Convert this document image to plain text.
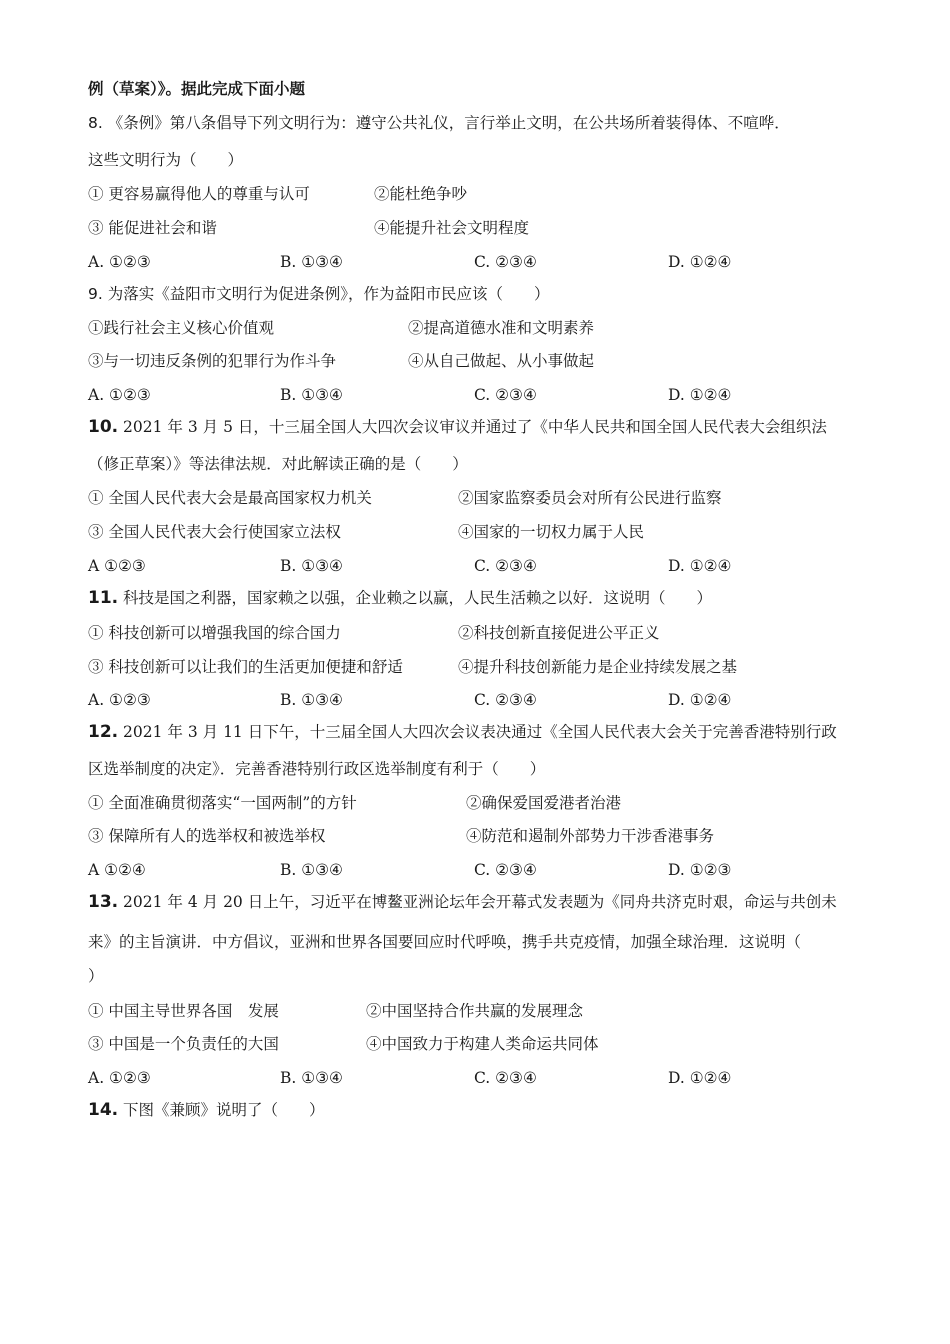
例（草案）》。据此完成下面小题
8. 《条例》第八条倡导下列文明行为：遵守公共礼仪，言行举止文明，在公共场所着装得体、不喧哗．
这些文明行为（　　）
① 更容易赢得他人的尊重与认可	②能杜绝争吵
③ 能促进社会和谐	④能提升社会文明程度
A. ①②③	B. ①③④	C. ②③④	D. ①②④
9. 为落实《益阳市文明行为促进条例》，作为益阳市民应该（　　）
①践行社会主义核心价值观	②提高道德水准和文明素养
③与一切违反条例的犯罪行为作斗争	④从自己做起、从小事做起
A. ①②③	B. ①③④	C. ②③④	D. ①②④
10. 2021 年 3 月 5 日，十三届全国人大四次会议审议并通过了《中华人民共和国全国人民代表大会组织法
（修正草案）》等法律法规．对此解读正确的是（　　）
① 全国人民代表大会是最高国家权力机关	②国家监察委员会对所有公民进行监察
③ 全国人民代表大会行使国家立法权	④国家的一切权力属于人民
A ①②③	B. ①③④	C. ②③④	D. ①②④
11. 科技是国之利器，国家赖之以强，企业赖之以赢，人民生活赖之以好．这说明（　　）
① 科技创新可以增强我国的综合国力	②科技创新直接促进公平正义
③ 科技创新可以让我们的生活更加便捷和舒适	④提升科技创新能力是企业持续发展之基
A. ①②③	B. ①③④	C. ②③④	D. ①②④
12. 2021 年 3 月 11 日下午，十三届全国人大四次会议表决通过《全国人民代表大会关于完善香港特别行政
区选举制度的决定》．完善香港特别行政区选举制度有利于（　　）
① 全面准确贯彻落实“一国两制”的方针	②确保爱国爱港者治港
③ 保障所有人的选举权和被选举权	④防范和遏制外部势力干涉香港事务
A ①②④	B. ①③④	C. ②③④	D. ①②③
13. 2021 年 4 月 20 日上午，习近平在博鳌亚洲论坛年会开幕式发表题为《同舟共济克时艰，命运与共创未
来》的主旨演讲．中方倡议，亚洲和世界各国要回应时代呼唤，携手共克疫情，加强全球治理．这说明（
）
① 中国主导世界各国　发展	②中国坚持合作共赢的发展理念
③ 中国是一个负责任的大国	④中国致力于构建人类命运共同体
A. ①②③	B. ①③④	C. ②③④	D. ①②④
14. 下图《兼顾》说明了（　　）
